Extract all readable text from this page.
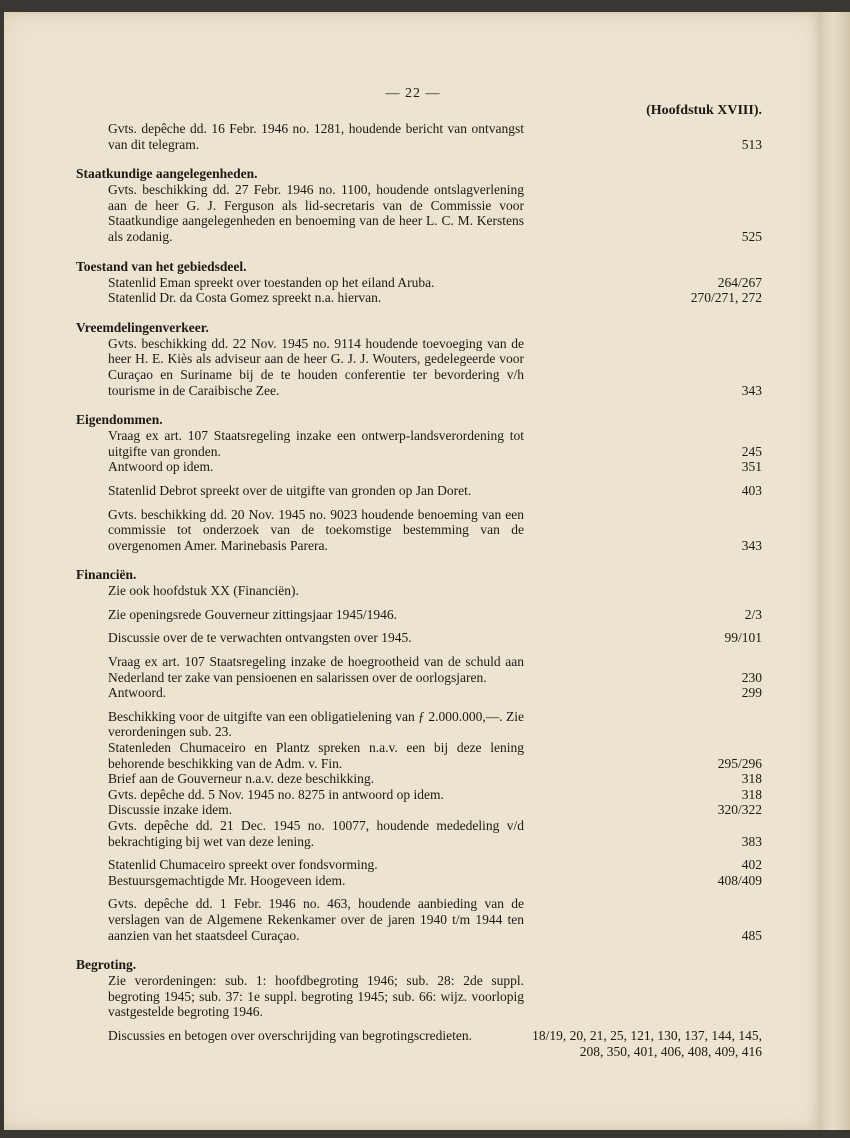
— 22 —
(Hoofdstuk XVIII).
Gvts. depêche dd. 16 Febr. 1946 no. 1281, houdende bericht van ontvangst van dit telegram.	513
Staatkundige aangelegenheden.
Gvts. beschikking dd. 27 Febr. 1946 no. 1100, houdende ontslagverlening aan de heer G. J. Ferguson als lid-secretaris van de Commissie voor Staatkundige aangelegenheden en benoeming van de heer L. C. M. Kerstens als zodanig.	525
Toestand van het gebiedsdeel.
Statenlid Eman spreekt over toestanden op het eiland Aruba.	264/267
Statenlid Dr. da Costa Gomez spreekt n.a. hiervan.	270/271, 272
Vreemdelingenverkeer.
Gvts. beschikking dd. 22 Nov. 1945 no. 9114 houdende toevoeging van de heer H. E. Kiès als adviseur aan de heer G. J. J. Wouters, gedelegeerde voor Curaçao en Suriname bij de te houden conferentie ter bevordering v/h tourisme in de Caraibische Zee.	343
Eigendommen.
Vraag ex art. 107 Staatsregeling inzake een ontwerp-landsverordening tot uitgifte van gronden.	245
Antwoord op idem.	351
Statenlid Debrot spreekt over de uitgifte van gronden op Jan Doret.	403
Gvts. beschikking dd. 20 Nov. 1945 no. 9023 houdende benoeming van een commissie tot onderzoek van de toekomstige bestemming van de overgenomen Amer. Marinebasis Parera.	343
Financiën.
Zie ook hoofdstuk XX (Financiën).
Zie openingsrede Gouverneur zittingsjaar 1945/1946.	2/3
Discussie over de te verwachten ontvangsten over 1945.	99/101
Vraag ex art. 107 Staatsregeling inzake de hoegrootheid van de schuld aan Nederland ter zake van pensioenen en salarissen over de oorlogsjaren.	230
Antwoord.	299
Beschikking voor de uitgifte van een obligatielening van ƒ 2.000.000,—. Zie verordeningen sub. 23.
Statenleden Chumaceiro en Plantz spreken n.a.v. een bij deze lening behorende beschikking van de Adm. v. Fin.	295/296
Brief aan de Gouverneur n.a.v. deze beschikking.	318
Gvts. depêche dd. 5 Nov. 1945 no. 8275 in antwoord op idem.	318
Discussie inzake idem.	320/322
Gvts. depêche dd. 21 Dec. 1945 no. 10077, houdende mededeling v/d bekrachtiging bij wet van deze lening.	383
Statenlid Chumaceiro spreekt over fondsvorming.	402
Bestuursgemachtigde Mr. Hoogeveen idem.	408/409
Gvts. depêche dd. 1 Febr. 1946 no. 463, houdende aanbieding van de verslagen van de Algemene Rekenkamer over de jaren 1940 t/m 1944 ten aanzien van het staatsdeel Curaçao.	485
Begroting.
Zie verordeningen: sub. 1: hoofdbegroting 1946; sub. 28: 2de suppl. begroting 1945; sub. 37: 1e suppl. begroting 1945; sub. 66: wijz. voorlopig vastgestelde begroting 1946.
Discussies en betogen over overschrijding van begrotingscredieten.	18/19, 20, 21, 25, 121, 130, 137, 144, 145, 208, 350, 401, 406, 408, 409, 416
